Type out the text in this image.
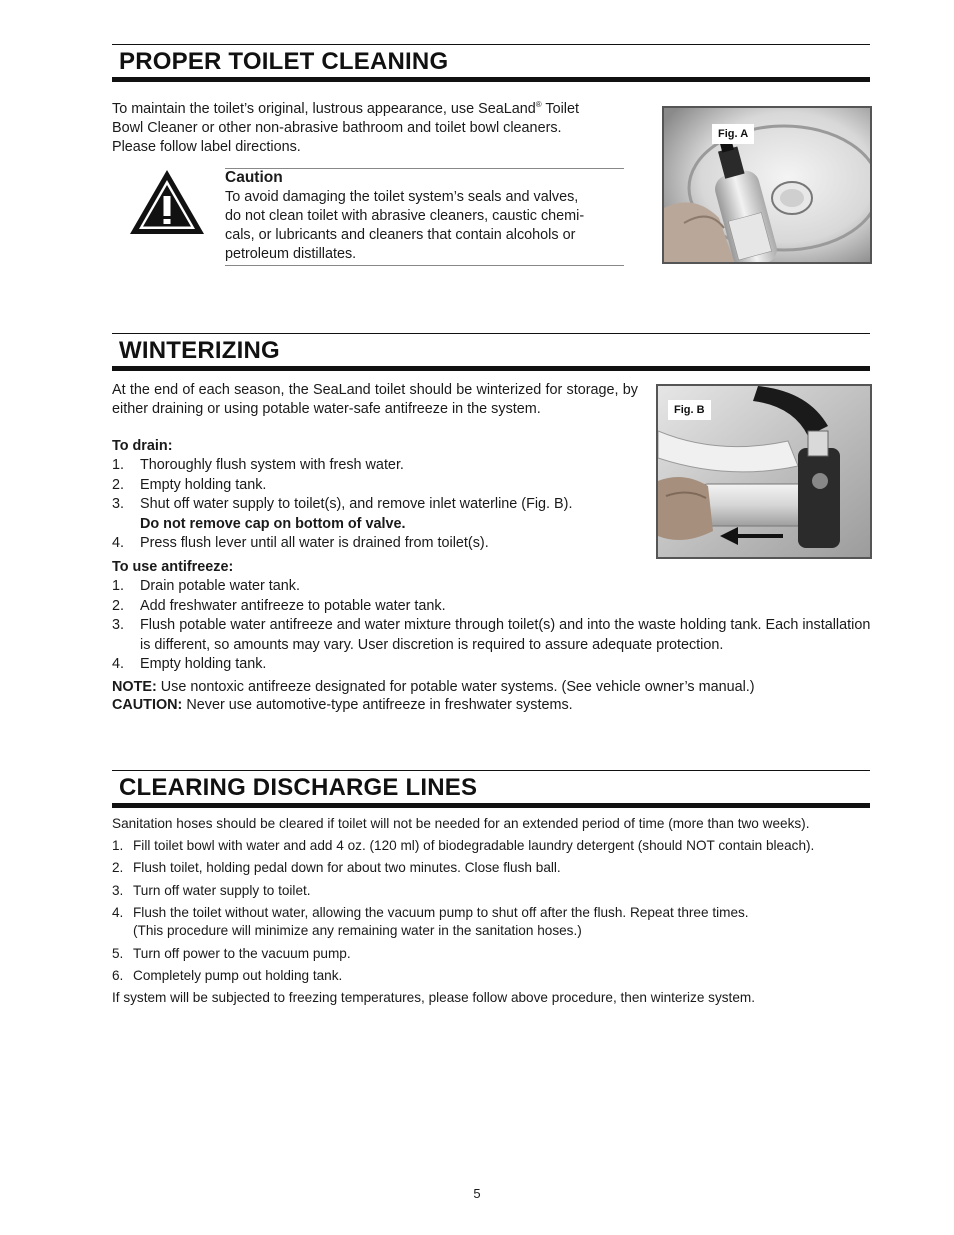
PROPER TOILET CLEANING
To maintain the toilet’s original, lustrous appearance, use SeaLand® Toilet
Bowl Cleaner or other non-abrasive bathroom and toilet bowl cleaners.
Please follow label directions.
Caution
To avoid damaging the toilet system’s seals and valves,
do not clean toilet with abrasive cleaners, caustic chemi-
cals, or lubricants and cleaners that contain alcohols or
petroleum distillates.
Fig. A
WINTERIZING
At the end of each season, the SeaLand toilet should be winterized for storage, by either draining or using potable water-safe antifreeze in the system.
To drain:
1. Thoroughly flush system with fresh water.
2. Empty holding tank.
3. Shut off water supply to toilet(s), and remove inlet waterline (Fig. B).
Do not remove cap on bottom of valve.
4. Press flush lever until all water is drained from toilet(s).
To use antifreeze:
1. Drain potable water tank.
2. Add freshwater antifreeze to potable water tank.
3. Flush potable water antifreeze and water mixture through toilet(s) and into the waste holding tank. Each installation is different, so amounts may vary. User discretion is required to assure adequate protection.
4. Empty holding tank.
NOTE: Use nontoxic antifreeze designated for potable water systems. (See vehicle owner’s manual.)
CAUTION: Never use automotive-type antifreeze in freshwater systems.
Fig. B
CLEARING DISCHARGE LINES
Sanitation hoses should be cleared if toilet will not be needed for an extended period of time (more than two weeks).
1. Fill toilet bowl with water and add 4 oz. (120 ml) of biodegradable laundry detergent (should NOT contain bleach).
2. Flush toilet, holding pedal down for about two minutes. Close flush ball.
3. Turn off water supply to toilet.
4. Flush the toilet without water, allowing the vacuum pump to shut off after the flush. Repeat three times.
(This procedure will minimize any remaining water in the sanitation hoses.)
5. Turn off power to the vacuum pump.
6. Completely pump out holding tank.
If system will be subjected to freezing temperatures, please follow above procedure, then winterize system.
5
